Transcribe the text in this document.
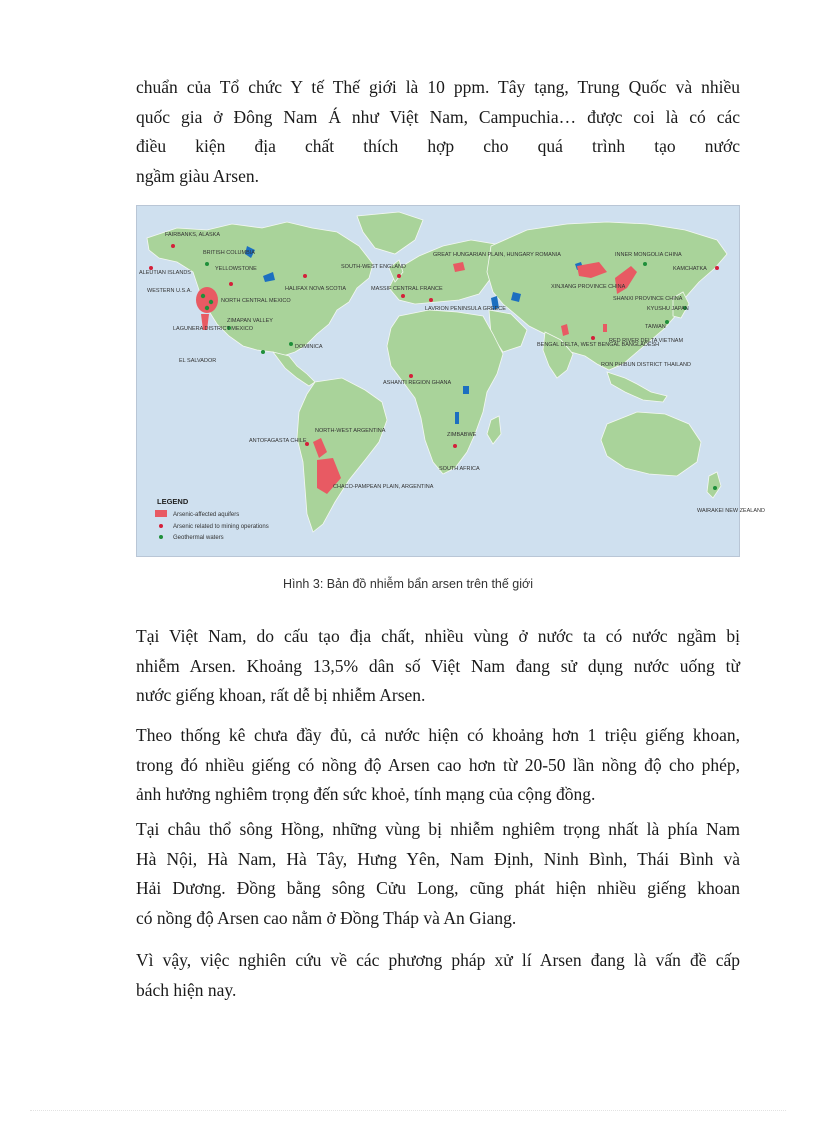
chuẩn của Tổ chức Y tế Thế giới là 10 ppm. Tây tạng, Trung Quốc và nhiều
quốc gia ở Đông Nam Á như Việt Nam, Campuchia… được coi là có các
điều kiện địa chất thích hợp cho quá trình tạo nước
ngầm giàu Arsen.
FAIRBANKS, ALASKA
ALEUTIAN ISLANDS
BRITISH COLUMBIA
YELLOWSTONE
WESTERN U.S.A.
NORTH CENTRAL MEXICO
LAGUNERA DISTRICT MEXICO
ZIMAPAN VALLEY
EL SALVADOR
DOMINICA
HALIFAX NOVA SCOTIA
SOUTH-WEST ENGLAND
MASSIF CENTRAL FRANCE
GREAT HUNGARIAN PLAIN, HUNGARY ROMANIA
LAVRION PENINSULA GREECE
ASHANTI REGION GHANA
ZIMBABWE
SOUTH AFRICA
ANTOFAGASTA CHILE
NORTH-WEST ARGENTINA
CHACO-PAMPEAN PLAIN, ARGENTINA
INNER MONGOLIA CHINA
XINJIANG PROVINCE CHINA
SHANXI PROVINCE CHINA
KAMCHATKA
KYUSHU JAPAN
TAIWAN
BENGAL DELTA, WEST BENGAL BANGLADESH
RED RIVER DELTA VIETNAM
RON PHIBUN DISTRICT THAILAND
WAIRAKEI NEW ZEALAND
LEGEND
Arsenic-affected aquifers
Arsenic related to mining operations
Geothermal waters
Hình 3: Bản đồ nhiễm bẩn arsen trên thế giới
Tại Việt Nam, do cấu tạo địa chất, nhiều vùng ở nước ta có nước ngầm bị
nhiễm Arsen. Khoảng 13,5% dân số Việt Nam đang sử dụng nước uống từ
nước giếng khoan, rất dễ bị nhiễm Arsen.
Theo thống kê chưa đầy đủ, cả nước hiện có khoảng hơn 1 triệu giếng khoan,
trong đó nhiều giếng có nồng độ Arsen cao hơn từ 20-50 lần nồng độ cho phép,
ảnh hưởng nghiêm trọng đến sức khoẻ, tính mạng của cộng đồng.
Tại châu thổ sông Hồng, những vùng bị nhiễm nghiêm trọng nhất là phía Nam
Hà Nội, Hà Nam, Hà Tây, Hưng Yên, Nam Định, Ninh Bình, Thái Bình và
Hải Dương. Đồng bằng sông Cửu Long, cũng phát hiện nhiều giếng khoan
có nồng độ Arsen cao nằm ở Đồng Tháp và An Giang.
Vì vậy, việc nghiên cứu về các phương pháp xử lí Arsen đang là vấn đề cấp
bách hiện nay.
